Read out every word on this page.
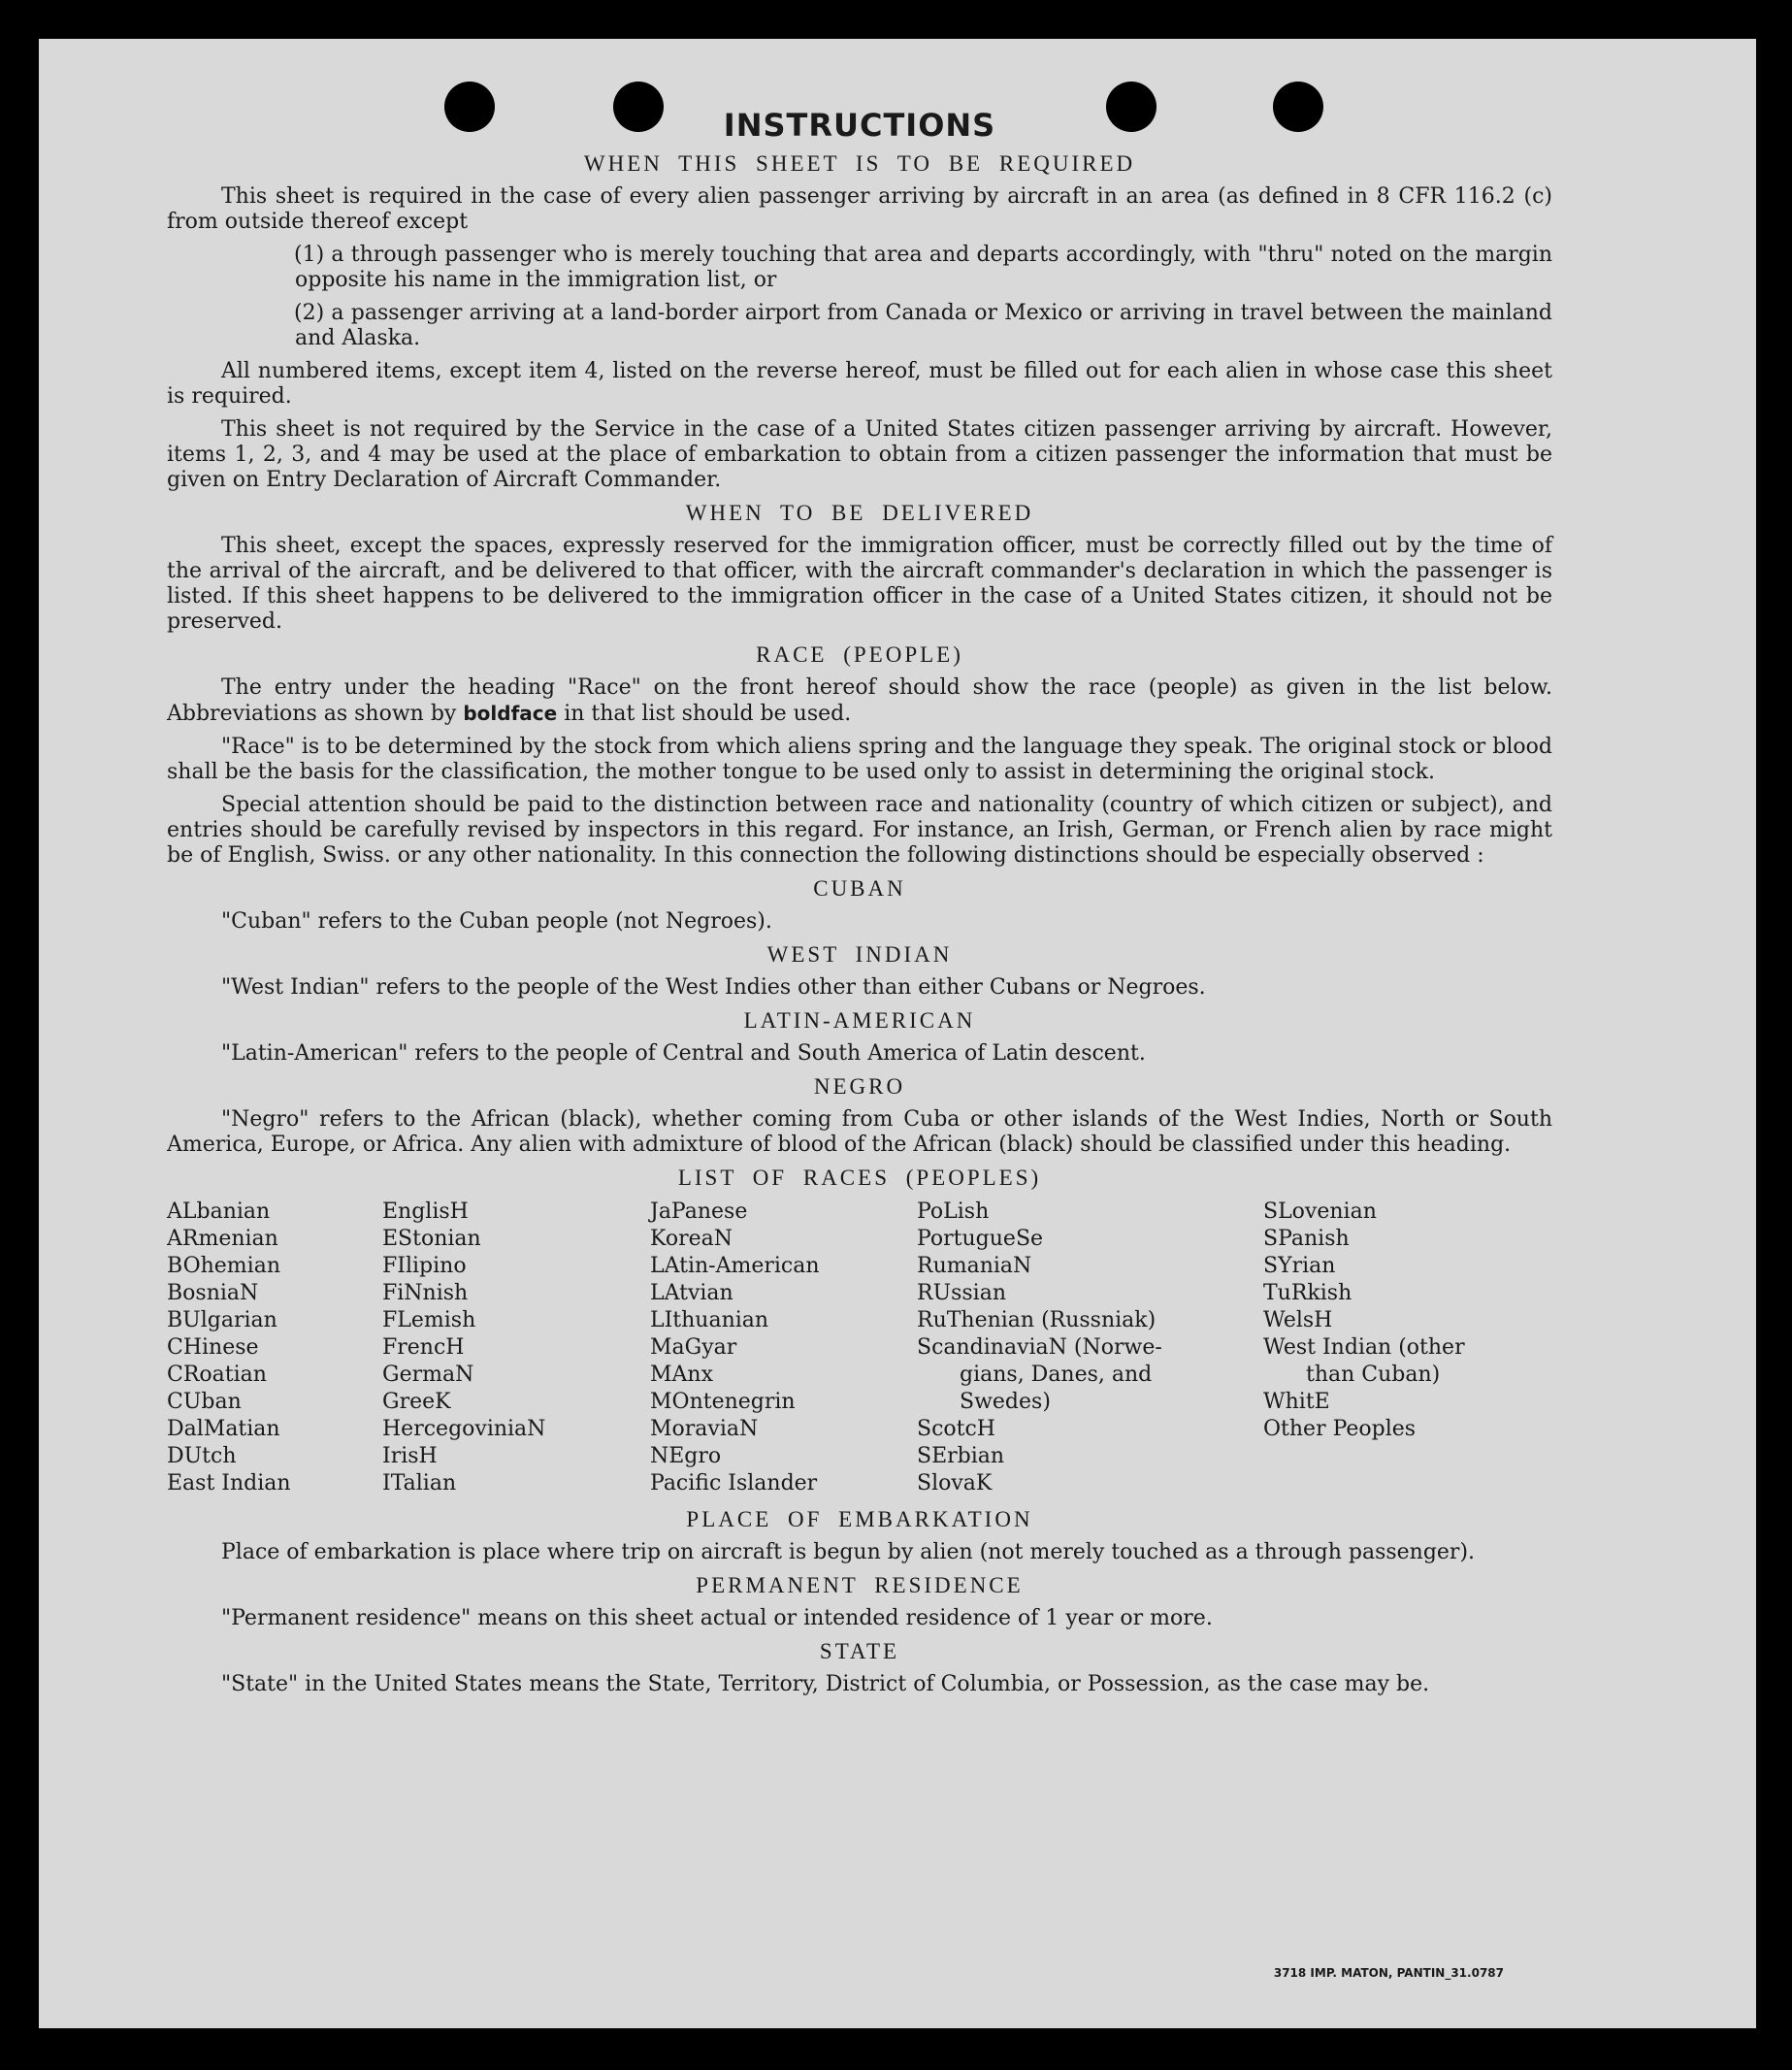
INSTRUCTIONS
WHEN THIS SHEET IS TO BE REQUIRED

This sheet is required in the case of every alien passenger arriving by aircraft in an area (as defined in 8 CFR 116.2 (c) from outside thereof except

(1) a through passenger who is merely touching that area and departs accordingly, with "thru" noted on the margin opposite his name in the immigration list, or

(2) a passenger arriving at a land-border airport from Canada or Mexico or arriving in travel between the mainland and Alaska.

All numbered items, except item 4, listed on the reverse hereof, must be filled out for each alien in whose case this sheet is required.

This sheet is not required by the Service in the case of a United States citizen passenger arriving by aircraft. However, items 1, 2, 3, and 4 may be used at the place of embarkation to obtain from a citizen passenger the information that must be given on Entry Declaration of Aircraft Commander.

WHEN TO BE DELIVERED

This sheet, except the spaces, expressly reserved for the immigration officer, must be correctly filled out by the time of the arrival of the aircraft, and be delivered to that officer, with the aircraft commander's declaration in which the passenger is listed. If this sheet happens to be delivered to the immigration officer in the case of a United States citizen, it should not be preserved.

RACE (PEOPLE)

The entry under the heading "Race" on the front hereof should show the race (people) as given in the list below. Abbreviations as shown by boldface in that list should be used.

"Race" is to be determined by the stock from which aliens spring and the language they speak. The original stock or blood shall be the basis for the classification, the mother tongue to be used only to assist in determining the original stock.

Special attention should be paid to the distinction between race and nationality (country of which citizen or subject), and entries should be carefully revised by inspectors in this regard. For instance, an Irish, German, or French alien by race might be of English, Swiss. or any other nationality. In this connection the following distinctions should be especially observed :

CUBAN

"Cuban" refers to the Cuban people (not Negroes).

WEST INDIAN

"West Indian" refers to the people of the West Indies other than either Cubans or Negroes.

LATIN-AMERICAN

"Latin-American" refers to the people of Central and South America of Latin descent.

NEGRO

"Negro" refers to the African (black), whether coming from Cuba or other islands of the West Indies, North or South America, Europe, or Africa. Any alien with admixture of blood of the African (black) should be classified under this heading.

LIST OF RACES (PEOPLES)
ALbanian
ARmenian
BOhemian
BosniaN
BUlgarian
CHinese
CRoatian
CUban
DalMatian
DUtch
East Indian
EnglisH
EStonian
FIlipino
FiNnish
FLemish
FrencH
GermaN
GreeK
HercegoviniaN
IrisH
ITalian
JaPanese
KoreaN
LAtin-American
LAtvian
LIthuanian
MaGyar
MAnx
MOntenegrin
MoraviaN
NEgro
Pacific Islander
PoLish
PortugueSe
RumaniaN
RUssian
RuThenian (Russniak)
ScandinaviaN (Norwe-
gians, Danes, and
Swedes)
ScotcH
SErbian
SlovaK
SLovenian
SPanish
SYrian
TuRkish
WelsH
West Indian (other
than Cuban)
WhitE
Other Peoples
PLACE OF EMBARKATION

Place of embarkation is place where trip on aircraft is begun by alien (not merely touched as a through passenger).

PERMANENT RESIDENCE

"Permanent residence" means on this sheet actual or intended residence of 1 year or more.

STATE

"State" in the United States means the State, Territory, District of Columbia, or Possession, as the case may be.

3718 IMP. MATON, PANTIN_31.0787
